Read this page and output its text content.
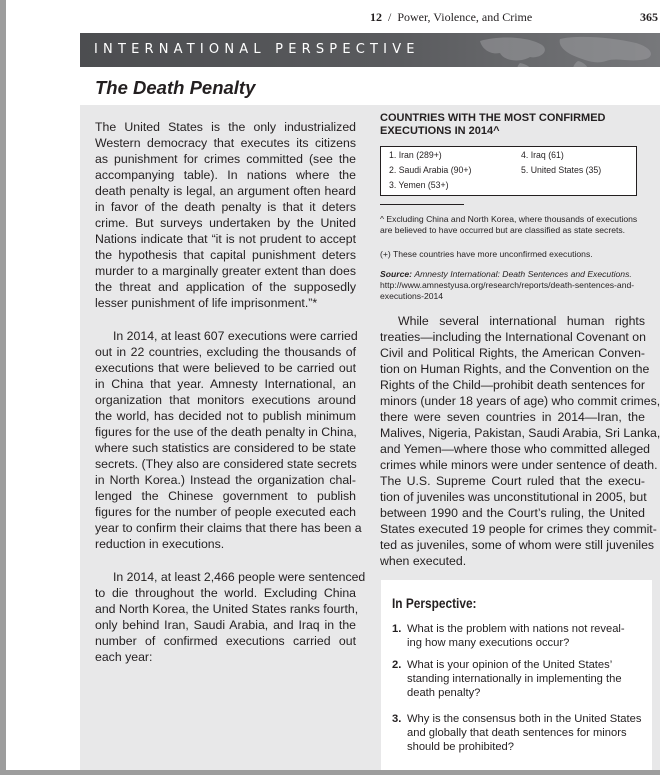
12 / Power, Violence, and Crime	365
INTERNATIONAL PERSPECTIVE
The Death Penalty

The United States is the only industrialized
Western democracy that executes its citizens
as punishment for crimes committed (see the
accompanying table). In nations where the
death penalty is legal, an argument often heard
in favor of the death penalty is that it deters
crime. But surveys undertaken by the United
Nations indicate that “it is not prudent to accept
the hypothesis that capital punishment deters
murder to a marginally greater extent than does
the threat and application of the supposedly
lesser punishment of life imprisonment.”*

In 2014, at least 607 executions were carried
out in 22 countries, excluding the thousands of
executions that were believed to be carried out
in China that year. Amnesty International, an
organization that monitors executions around
the world, has decided not to publish minimum
figures for the use of the death penalty in China,
where such statistics are considered to be state
secrets. (They also are considered state secrets
in North Korea.) Instead the organization chal-
lenged the Chinese government to publish
figures for the number of people executed each
year to confirm their claims that there has been a
reduction in executions.

In 2014, at least 2,466 people were sentenced
to die throughout the world. Excluding China
and North Korea, the United States ranks fourth,
only behind Iran, Saudi Arabia, and Iraq in the
number of confirmed executions carried out
each year:

COUNTRIES WITH THE MOST CONFIRMED
EXECUTIONS IN 2014^
1. Iran (289+)
2. Saudi Arabia (90+)
3. Yemen (53+)
4. Iraq (61)
5. United States (35)
^ Excluding China and North Korea, where thousands of executions are believed to have occurred but are classified as state secrets.
(+) These countries have more unconfirmed executions.
Source: Amnesty International: Death Sentences and Executions. http://www.amnestyusa.org/research/reports/death-sentences-and-executions-2014

While several international human rights
treaties—including the International Covenant on
Civil and Political Rights, the American Conven-
tion on Human Rights, and the Convention on the
Rights of the Child—prohibit death sentences for
minors (under 18 years of age) who commit crimes,
there were seven countries in 2014—Iran, the
Malives, Nigeria, Pakistan, Saudi Arabia, Sri Lanka,
and Yemen—where those who committed alleged
crimes while minors were under sentence of death.
The U.S. Supreme Court ruled that the execu-
tion of juveniles was unconstitutional in 2005, but
between 1990 and the Court’s ruling, the United
States executed 19 people for crimes they commit-
ted as juveniles, some of whom were still juveniles
when executed.

In Perspective:
1. What is the problem with nations not reveal- ing how many executions occur?
2. What is your opinion of the United States’ standing internationally in implementing the death penalty?
3. Why is the consensus both in the United States and globally that death sentences for minors should be prohibited?
